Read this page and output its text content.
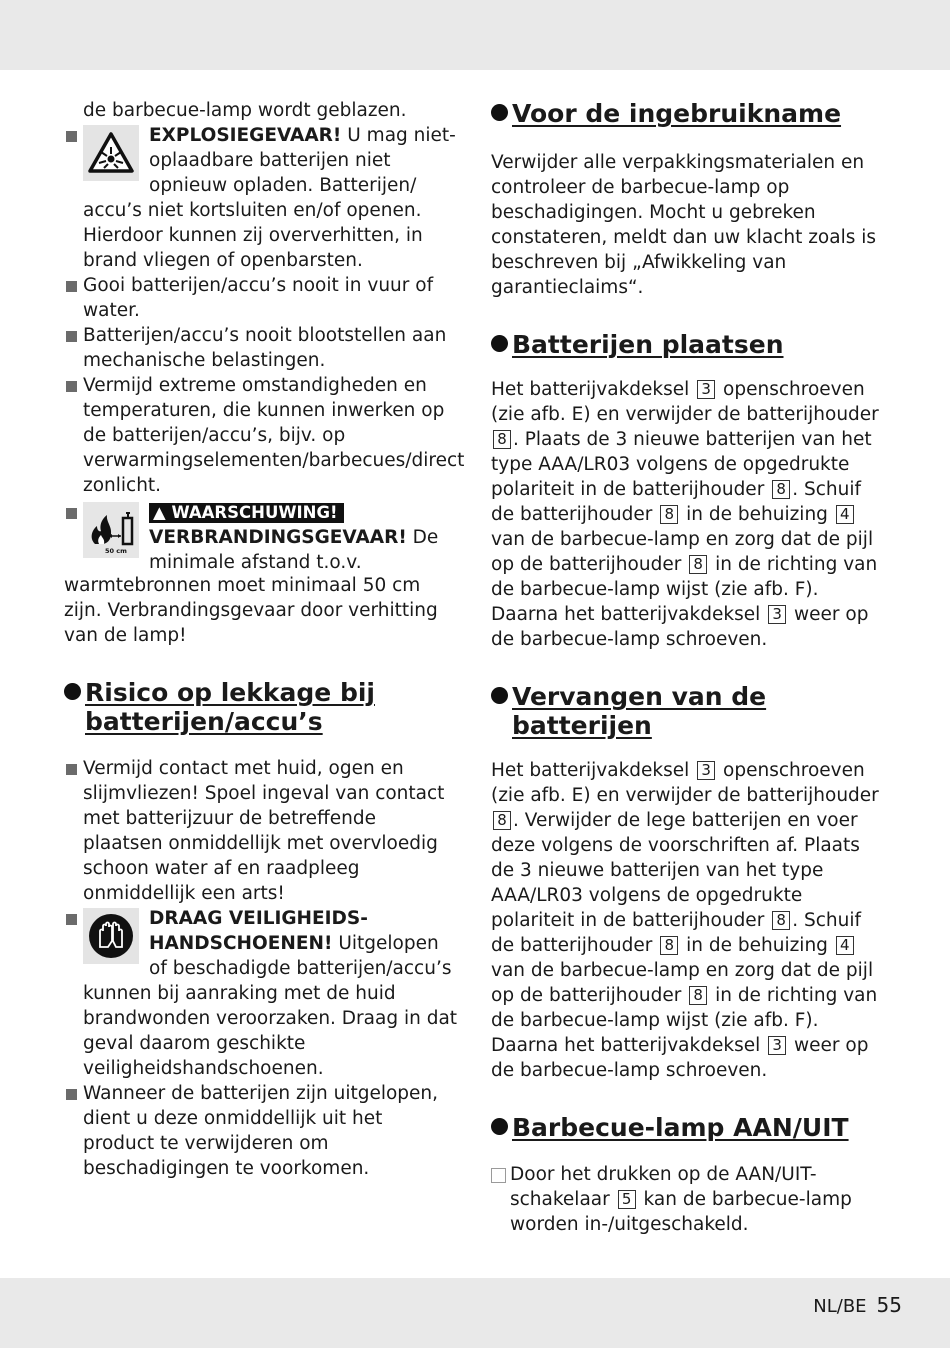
de barbecue-lamp wordt geblazen.

EXPLOSIEGEVAAR! U mag niet-oplaadbare batterijen niet opnieuw opladen. Batterijen/ accu’s niet kortsluiten en/of openen. Hierdoor kunnen zij oververhitten, in brand vliegen of openbarsten.

Gooi batterijen/accu’s nooit in vuur of water.

Batterijen/accu’s nooit blootstellen aan mechanische belastingen.

Vermijd extreme omstandigheden en temperaturen, die kunnen inwerken op de batterijen/accu’s, bijv. op verwarmingselementen/barbecues/direct zonlicht.

50 cm

▲ WAARSCHUWING!

VERBRANDINGSGEVAAR! De minimale afstand t.o.v.

warmtebronnen moet minimaal 50 cm zijn. Verbrandingsgevaar door verhitting van de lamp!

Risico op lekkage bij batterijen/accu’s

Vermijd contact met huid, ogen en slijmvliezen! Spoel ingeval van contact met batterijzuur de betreffende plaatsen onmiddellijk met overvloedig schoon water af en raadpleeg onmiddellijk een arts!

DRAAG VEILIGHEIDS-HANDSCHOENEN! Uitgelopen of beschadigde batterijen/accu’s kunnen bij aanraking met de huid brandwonden veroorzaken. Draag in dat geval daarom geschikte veiligheidshandschoenen.

Wanneer de batterijen zijn uitgelopen, dient u deze onmiddellijk uit het product te verwijderen om beschadigingen te voorkomen.

Voor de ingebruikname

Verwijder alle verpakkingsmaterialen en controleer de barbecue-lamp op beschadigingen. Mocht u gebreken constateren, meldt dan uw klacht zoals is beschreven bij „Afwikkeling van garantieclaims“.

Batterijen plaatsen

Het batterijvakdeksel 3 openschroeven (zie afb. E) en verwijder de batterijhouder 8 . Plaats de 3 nieuwe batterijen van het type AAA/LR03 volgens de opgedrukte polariteit in de batterijhouder 8 . Schuif de batterijhouder 8 in de behuizing 4 van de barbecue-lamp en zorg dat de pijl op de batterijhouder 8 in de richting van de barbecue-lamp wijst (zie afb. F). Daarna het batterijvakdeksel 3 weer op de barbecue-lamp schroeven.

Vervangen van de batterijen

Het batterijvakdeksel 3 openschroeven (zie afb. E) en verwijder de batterijhouder 8 . Verwijder de lege batterijen en voer deze volgens de voorschriften af. Plaats de 3 nieuwe batterijen van het type AAA/LR03 volgens de opgedrukte polariteit in de batterijhouder 8 . Schuif de batterijhouder 8 in de behuizing 4 van de barbecue-lamp en zorg dat de pijl op de batterijhouder 8 in de richting van de barbecue-lamp wijst (zie afb. F). Daarna het batterijvakdeksel 3 weer op de barbecue-lamp schroeven.

Barbecue-lamp AAN/UIT

Door het drukken op de AAN/UIT-schakelaar 5 kan de barbecue-lamp worden in-/uitgeschakeld.

NL/BE 55
